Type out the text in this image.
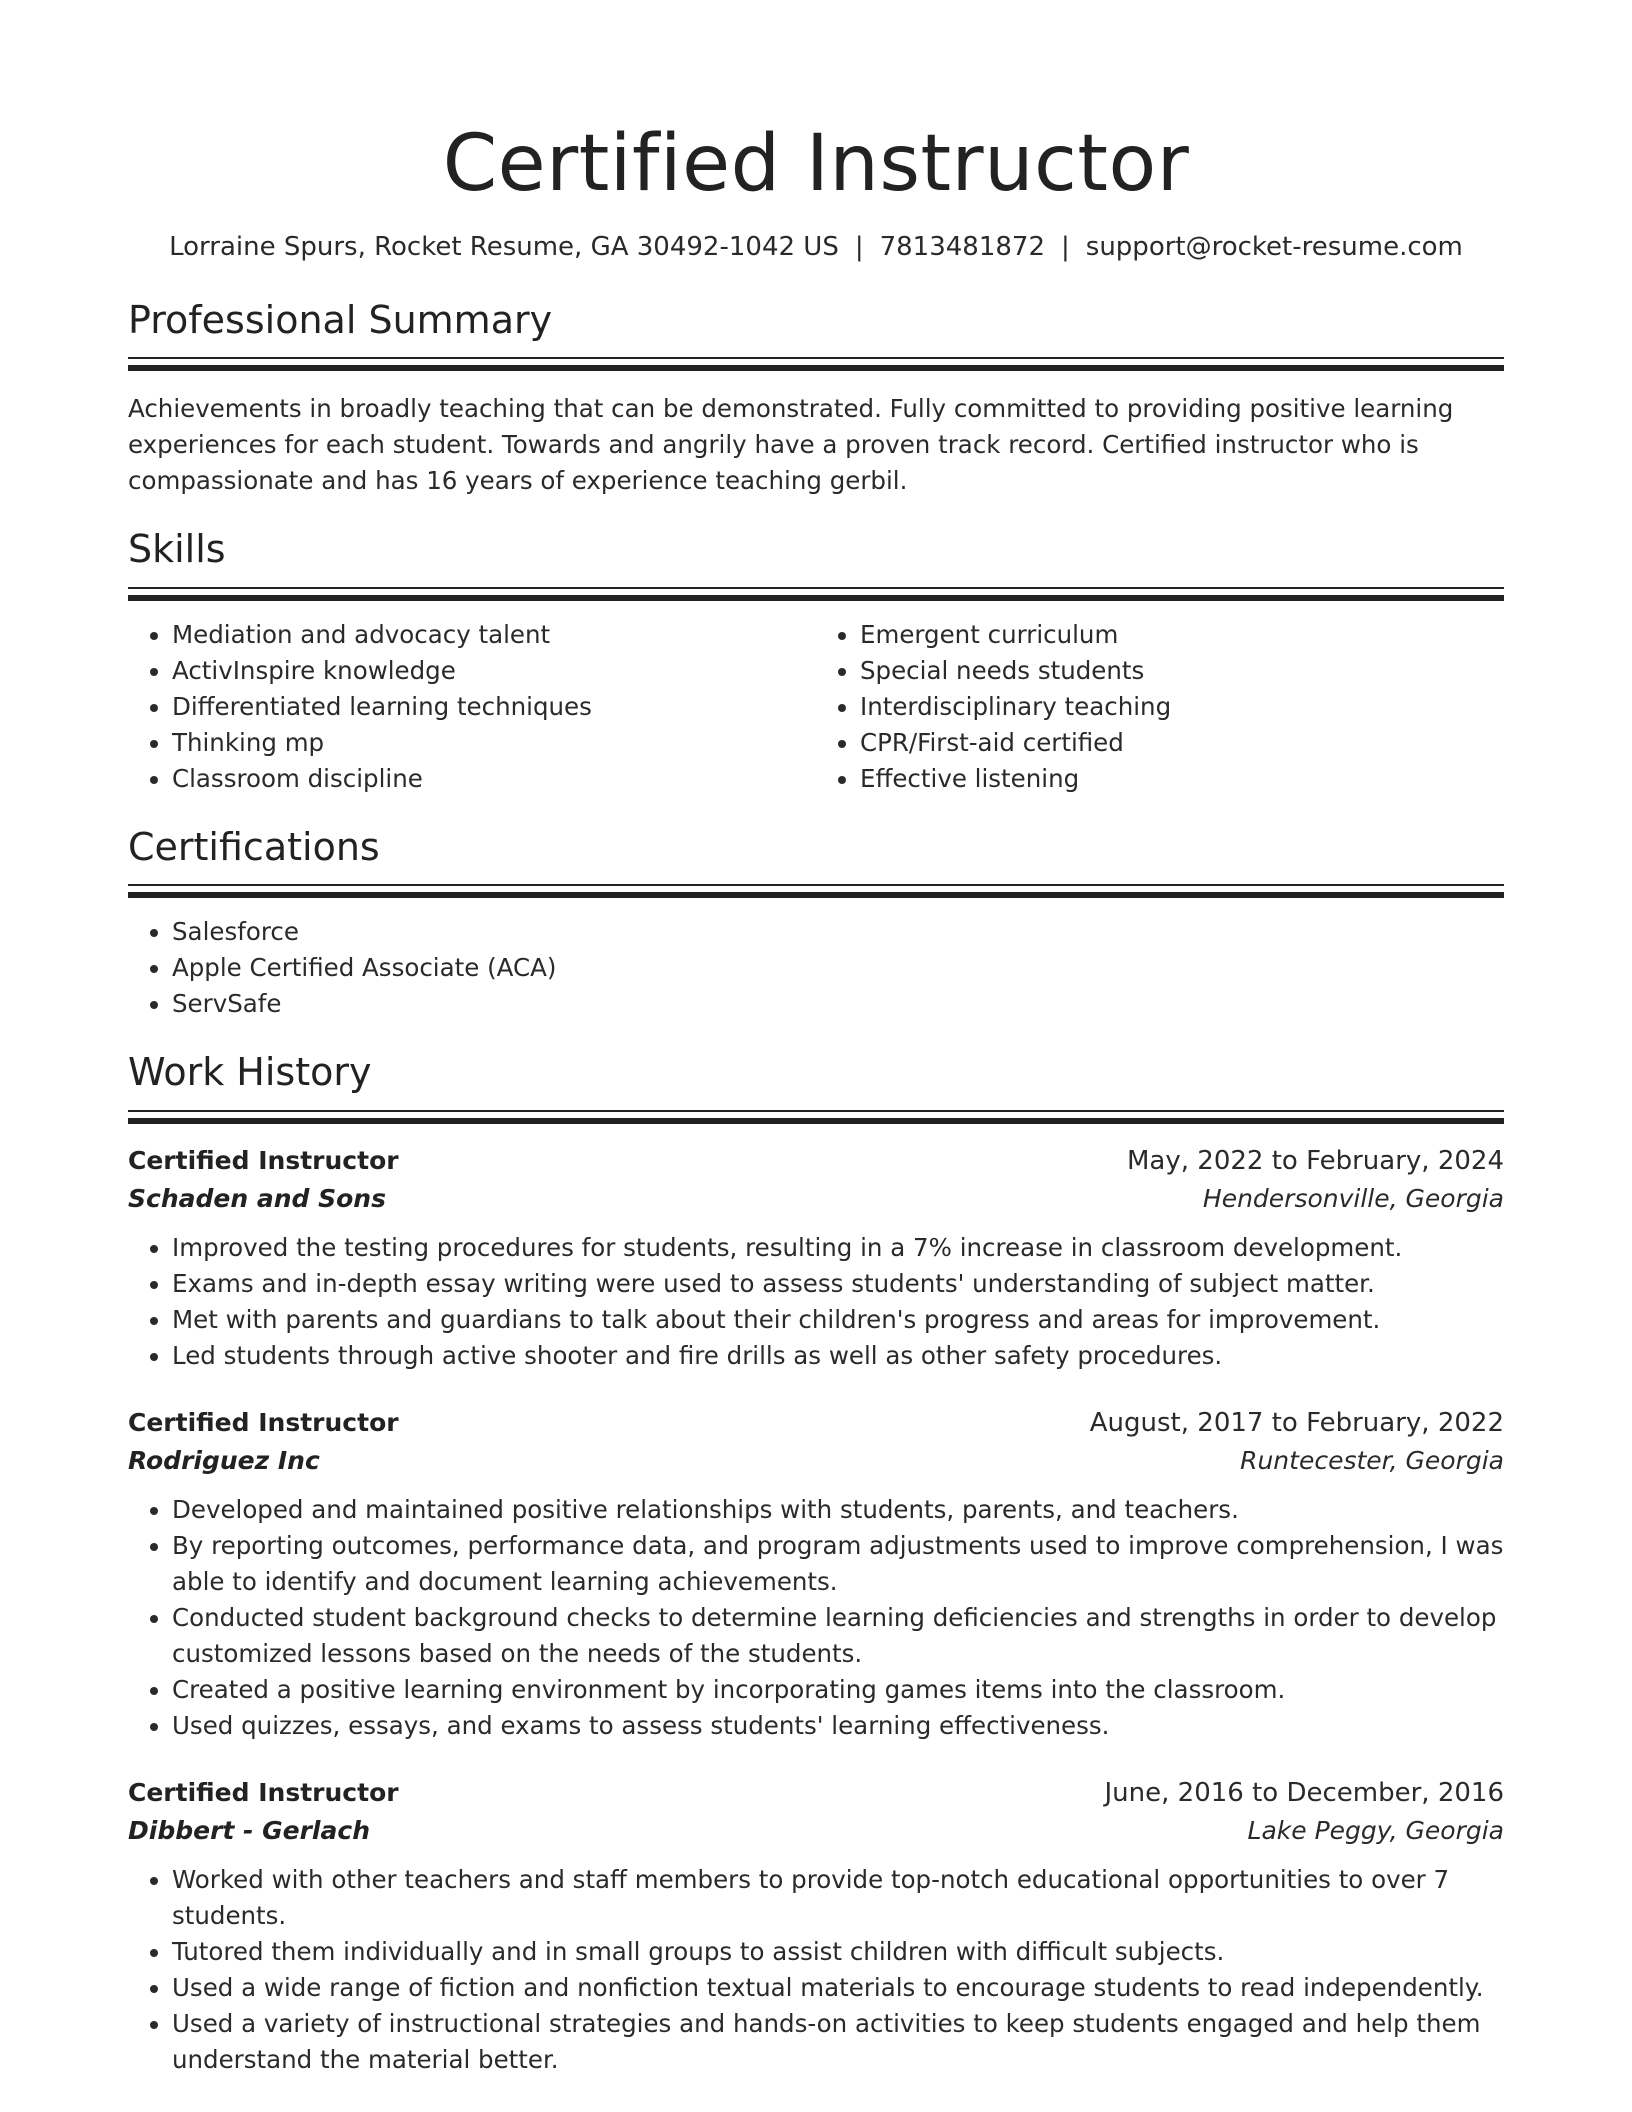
Certified Instructor
Lorraine Spurs, Rocket Resume, GA 30492-1042 US | 7813481872 | support@rocket-resume.com
Professional Summary

Achievements in broadly teaching that can be demonstrated. Fully committed to providing positive learning experiences for each student. Towards and angrily have a proven track record. Certified instructor who is compassionate and has 16 years of experience teaching gerbil.

Skills
• Mediation and advocacy talent
• ActivInspire knowledge
• Differentiated learning techniques
• Thinking mp
• Classroom discipline
• Emergent curriculum
• Special needs students
• Interdisciplinary teaching
• CPR/First-aid certified
• Effective listening
Certifications
• Salesforce
• Apple Certified Associate (ACA)
• ServSafe
Work History
Certified Instructor	May, 2022 to February, 2024
Schaden and Sons	Hendersonville, Georgia
• Improved the testing procedures for students, resulting in a 7% increase in classroom development.
• Exams and in-depth essay writing were used to assess students' understanding of subject matter.
• Met with parents and guardians to talk about their children's progress and areas for improvement.
• Led students through active shooter and fire drills as well as other safety procedures.
Certified Instructor	August, 2017 to February, 2022
Rodriguez Inc	Runtecester, Georgia
• Developed and maintained positive relationships with students, parents, and teachers.
• By reporting outcomes, performance data, and program adjustments used to improve comprehension, I was able to identify and document learning achievements.
• Conducted student background checks to determine learning deficiencies and strengths in order to develop customized lessons based on the needs of the students.
• Created a positive learning environment by incorporating games items into the classroom.
• Used quizzes, essays, and exams to assess students' learning effectiveness.
Certified Instructor	June, 2016 to December, 2016
Dibbert - Gerlach	Lake Peggy, Georgia
• Worked with other teachers and staff members to provide top-notch educational opportunities to over 7 students.
• Tutored them individually and in small groups to assist children with difficult subjects.
• Used a wide range of fiction and nonfiction textual materials to encourage students to read independently.
• Used a variety of instructional strategies and hands-on activities to keep students engaged and help them understand the material better.
